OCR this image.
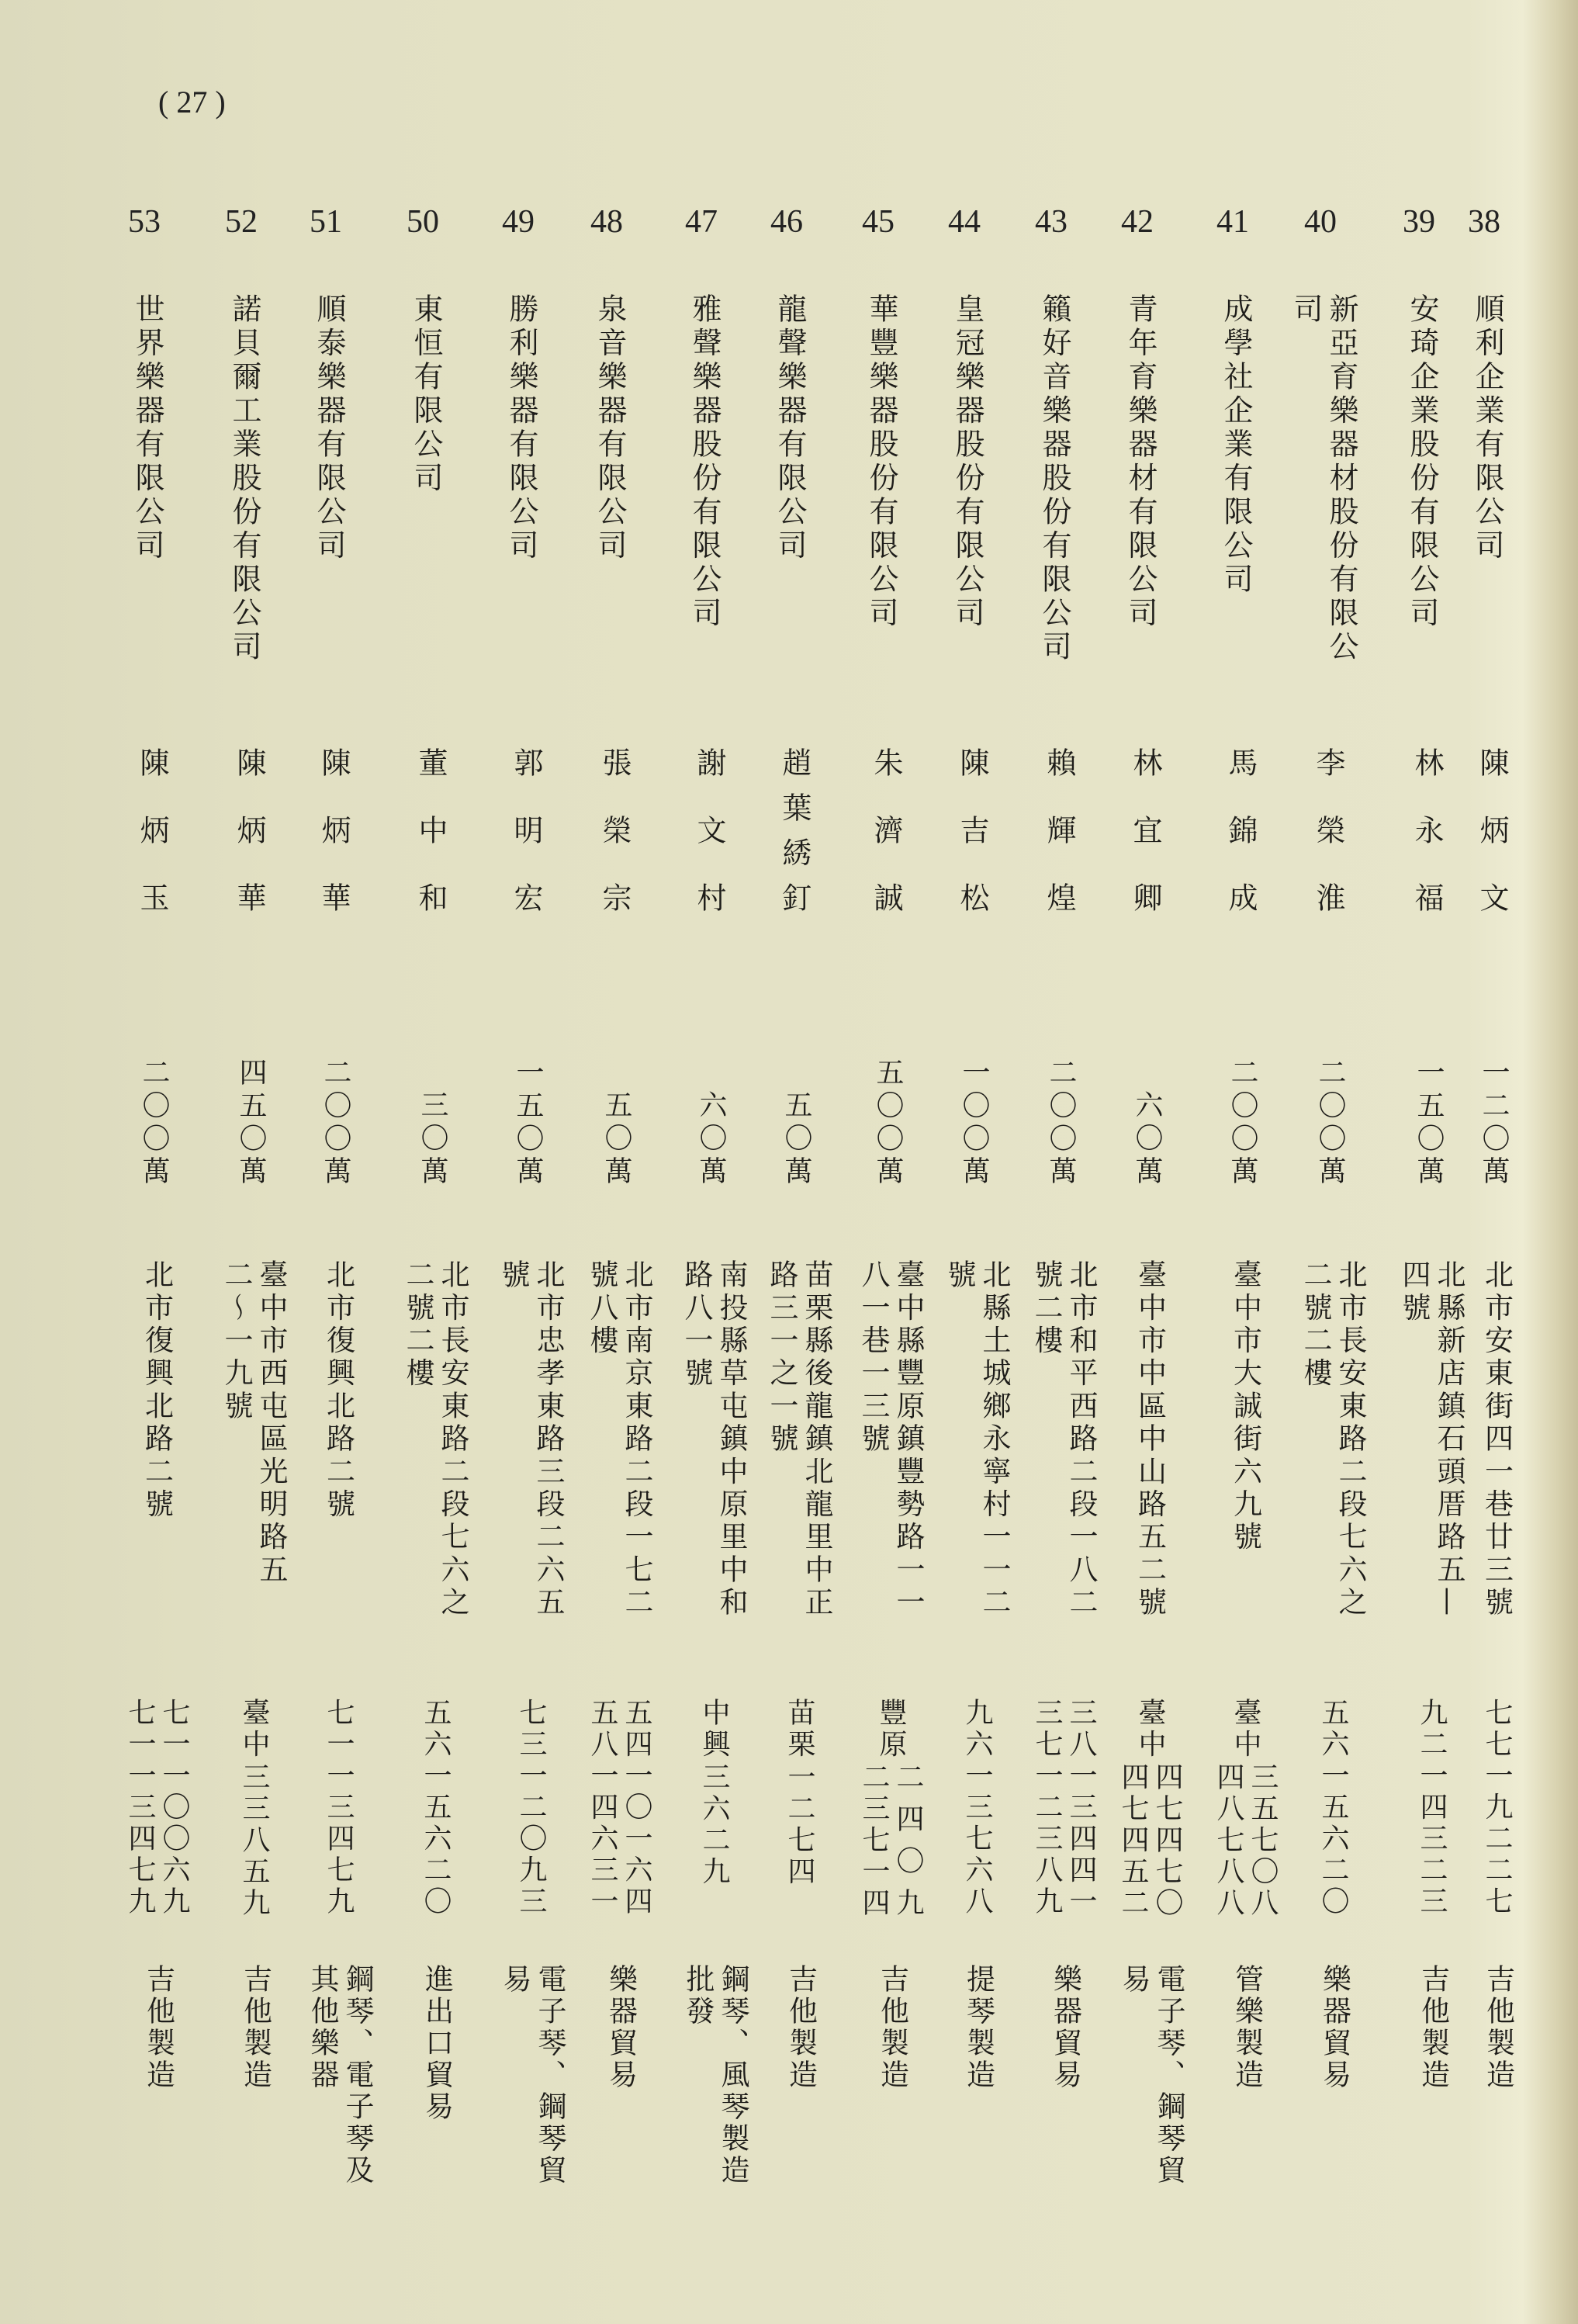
( 27 )
38
順利企業有限公司
陳炳文
一二〇萬
北市安東街四一巷廿三號
七七一九二二七
吉他製造
39
安琦企業股份有限公司
林永福
一五〇萬
北縣新店鎮石頭厝路五—四號
九二一四三二三
吉他製造
40
新亞育樂器材股份有限公司
李榮淮
二〇〇萬
北市長安東路二段七六之二號二樓
五六一五六二〇
樂器貿易
41
成學社企業有限公司
馬錦成
二〇〇萬
臺中市大誠街六九號
臺中
三五七〇八
四八七八八
管樂製造
42
青年育樂器材有限公司
林宜卿
六〇萬
臺中市中區中山路五二號
臺中
四七四七〇
四七四五二
電子琴、鋼琴貿易
43
籟好音樂器股份有限公司
賴輝煌
二〇〇萬
北市和平西路二段一八二號二樓
三八一三四四一
三七一二三八九
樂器貿易
44
皇冠樂器股份有限公司
陳吉松
一〇〇萬
北縣土城鄉永寧村一一二號
九六一三七六八
提琴製造
45
華豐樂器股份有限公司
朱濟誠
五〇〇萬
臺中縣豐原鎮豐勢路一一八一巷一三號
豐原
二四〇九
二三七一四
吉他製造
46
龍聲樂器有限公司
趙葉綉釘
五〇萬
苗栗縣後龍鎮北龍里中正路三一之一號
苗栗
一二七四
吉他製造
47
雅聲樂器股份有限公司
謝文村
六〇萬
南投縣草屯鎮中原里中和路八一號
中興
三六二九
鋼琴、風琴製造批發
48
泉音樂器有限公司
張榮宗
五〇萬
北市南京東路二段一七二號八樓
五四一〇一六四
五八一四六三一
樂器貿易
49
勝利樂器有限公司
郭明宏
一五〇萬
北市忠孝東路三段二六五號
七三一二〇九三
電子琴、鋼琴貿易
50
東恒有限公司
董中和
三〇萬
北市長安東路二段七六之二號二樓
五六一五六二〇
進出口貿易
51
順泰樂器有限公司
陳炳華
二〇〇萬
北市復興北路二號
七一一三四七九
鋼琴、電子琴及其他樂器
52
諾貝爾工業股份有限公司
陳炳華
四五〇萬
臺中市西屯區光明路五二〜一九號
臺中
三三八五九
吉他製造
53
世界樂器有限公司
陳炳玉
二〇〇萬
北市復興北路二號
七一一〇〇六九
七一一三四七九
吉他製造
